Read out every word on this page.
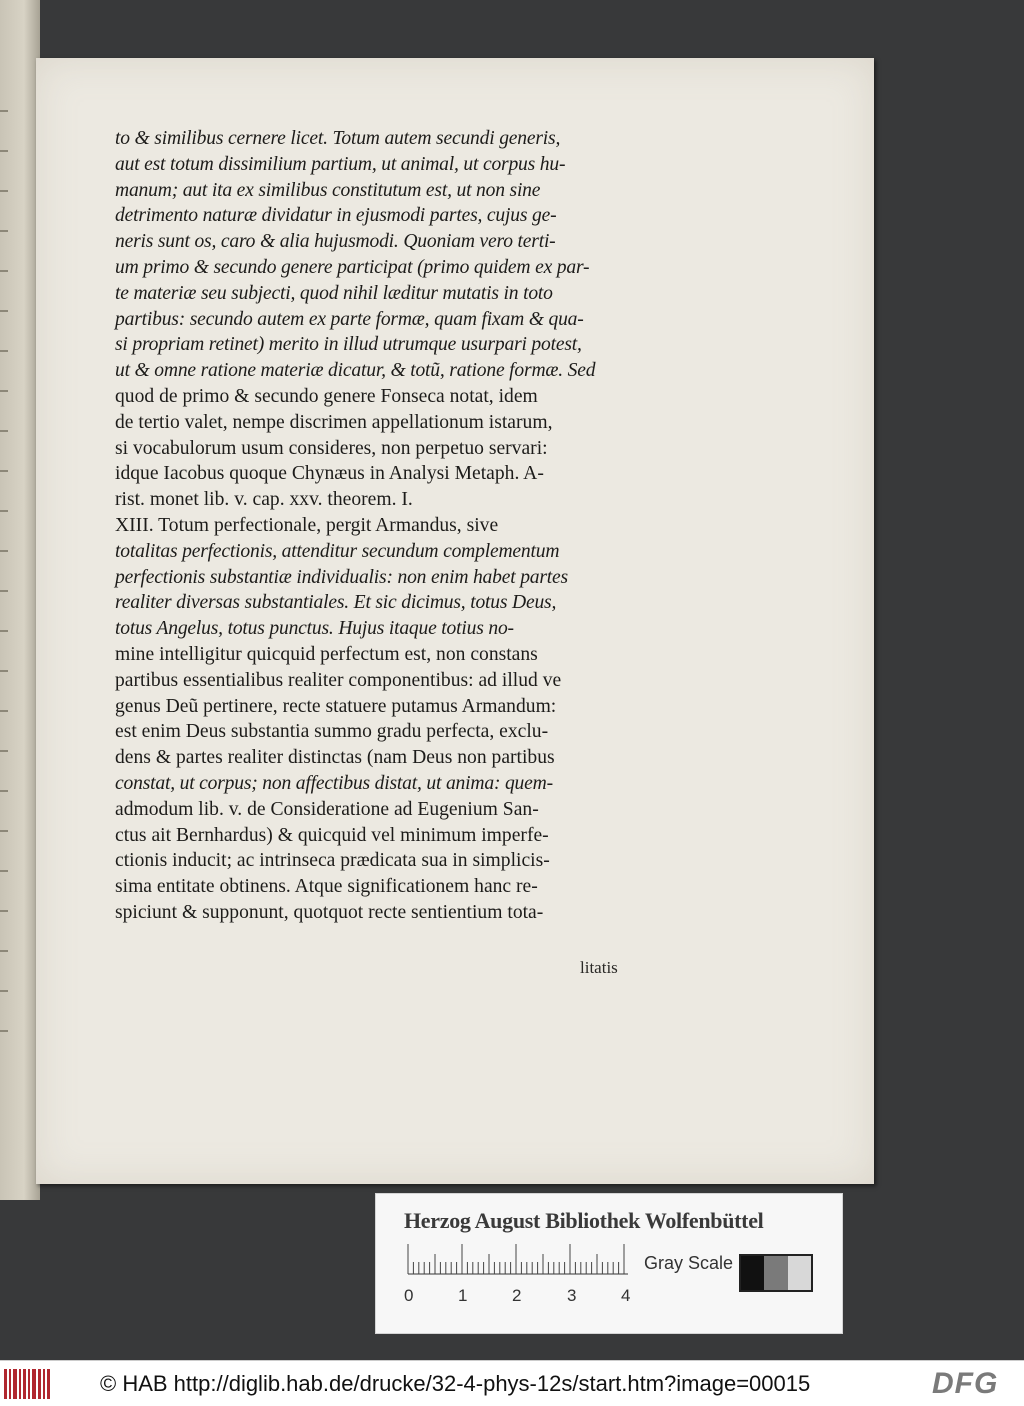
to & similibus cernere licet. Totum autem secundi generis,
aut est totum dissimilium partium, ut animal, ut corpus hu-
manum; aut ita ex similibus constitutum est, ut non sine
detrimento naturæ dividatur in ejusmodi partes, cujus ge-
neris sunt os, caro & alia hujusmodi. Quoniam vero terti-
um primo & secundo genere participat (primo quidem ex par-
te materiæ seu subjecti, quod nihil læditur mutatis in toto
partibus: secundo autem ex parte formæ, quam fixam & qua-
si propriam retinet) merito in illud utrumque usurpari potest,
ut & omne ratione materiæ dicatur, & totũ, ratione formæ. Sed
quod de primo & secundo genere Fonseca notat, idem
de tertio valet, nempe discrimen appellationum istarum,
si vocabulorum usum consideres, non perpetuo servari:
idque Iacobus quoque Chynæus in Analysi Metaph. A-
rist. monet lib. v. cap. xxv. theorem. I.
XIII. Totum perfectionale, pergit Armandus, sive
totalitas perfectionis, attenditur secundum complementum
perfectionis substantiæ individualis: non enim habet partes
realiter diversas substantiales. Et sic dicimus, totus Deus,
totus Angelus, totus punctus. Hujus itaque totius no-
mine intelligitur quicquid perfectum est, non constans
partibus essentialibus realiter componentibus: ad illud ve
genus Deũ pertinere, recte statuere putamus Armandum:
est enim Deus substantia summo gradu perfecta, exclu-
dens & partes realiter distinctas (nam Deus non partibus
constat, ut corpus; non affectibus distat, ut anima: quem-
admodum lib. v. de Consideratione ad Eugenium San-
ctus ait Bernhardus) & quicquid vel minimum imperfe-
ctionis inducit; ac intrinseca prædicata sua in simplicis-
sima entitate obtinens. Atque significationem hanc re-
spiciunt & supponunt, quotquot recte sentientium tota-
litatis
Herzog August Bibliothek Wolfenbüttel
0	1	2	3	4
Gray Scale
© HAB http://diglib.hab.de/drucke/32-4-phys-12s/start.htm?image=00015	DFG
